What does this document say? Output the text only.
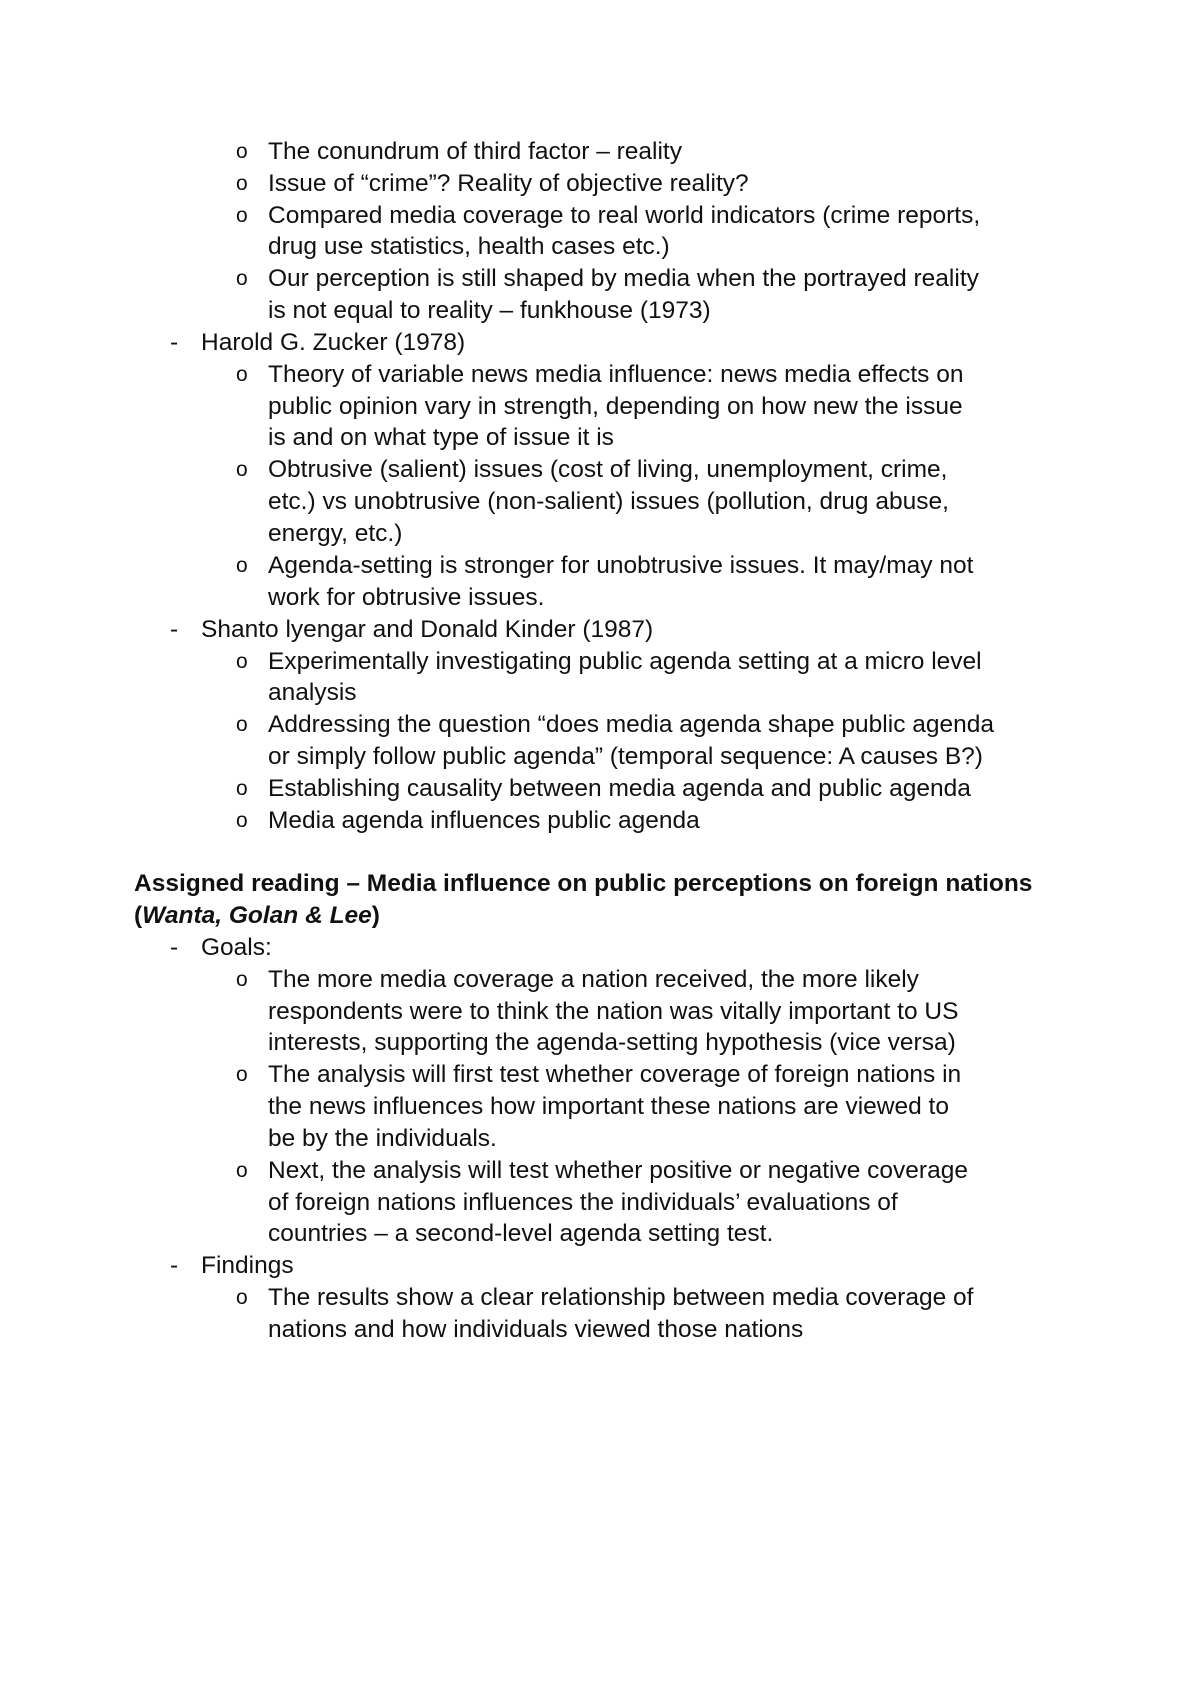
o The conundrum of third factor – reality
o Issue of “crime”? Reality of objective reality?
o Compared media coverage to real world indicators (crime reports,
drug use statistics, health cases etc.)
o Our perception is still shaped by media when the portrayed reality
is not equal to reality – funkhouse (1973)
- Harold G. Zucker (1978)
o Theory of variable news media influence: news media effects on
public opinion vary in strength, depending on how new the issue
is and on what type of issue it is
o Obtrusive (salient) issues (cost of living, unemployment, crime,
etc.) vs unobtrusive (non-salient) issues (pollution, drug abuse,
energy, etc.)
o Agenda-setting is stronger for unobtrusive issues. It may/may not
work for obtrusive issues.
- Shanto lyengar and Donald Kinder (1987)
o Experimentally investigating public agenda setting at a micro level
analysis
o Addressing the question “does media agenda shape public agenda
or simply follow public agenda” (temporal sequence: A causes B?)
o Establishing causality between media agenda and public agenda
o Media agenda influences public agenda
Assigned reading – Media influence on public perceptions on foreign nations
(Wanta, Golan & Lee)
- Goals:
o The more media coverage a nation received, the more likely
respondents were to think the nation was vitally important to US
interests, supporting the agenda-setting hypothesis (vice versa)
o The analysis will first test whether coverage of foreign nations in
the news influences how important these nations are viewed to
be by the individuals.
o Next, the analysis will test whether positive or negative coverage
of foreign nations influences the individuals’ evaluations of
countries – a second-level agenda setting test.
- Findings
o The results show a clear relationship between media coverage of
nations and how individuals viewed those nations
